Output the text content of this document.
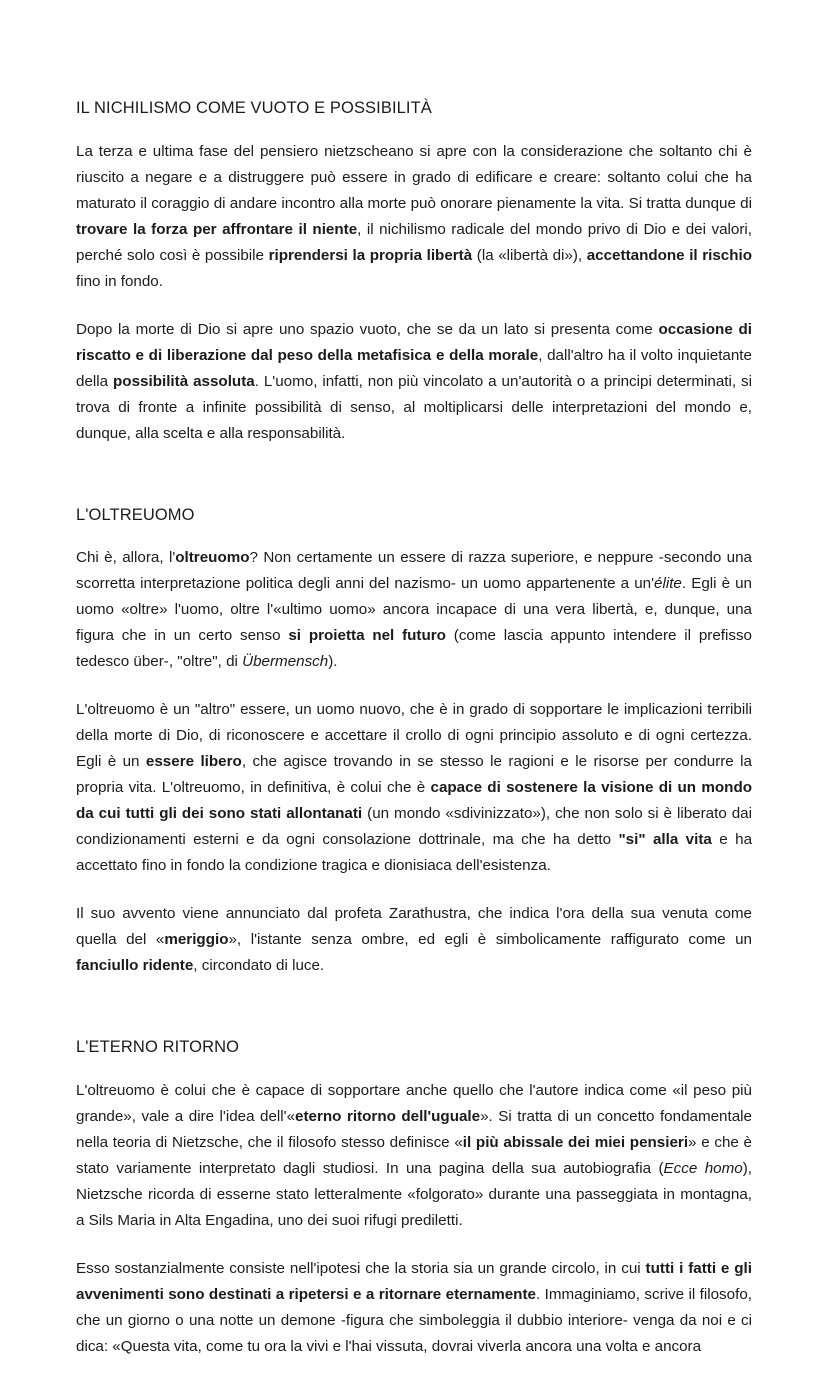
IL NICHILISMO COME VUOTO E POSSIBILITÀ

La terza e ultima fase del pensiero nietzscheano si apre con la considerazione che soltanto chi è riuscito a negare e a distruggere può essere in grado di edificare e creare: soltanto colui che ha maturato il coraggio di andare incontro alla morte può onorare pienamente la vita. Si tratta dunque di trovare la forza per affrontare il niente, il nichilismo radicale del mondo privo di Dio e dei valori, perché solo così è possibile riprendersi la propria libertà (la «libertà di»), accettandone il rischio fino in fondo.

Dopo la morte di Dio si apre uno spazio vuoto, che se da un lato si presenta come occasione di riscatto e di liberazione dal peso della metafisica e della morale, dall'altro ha il volto inquietante della possibilità assoluta. L'uomo, infatti, non più vincolato a un'autorità o a principi determinati, si trova di fronte a infinite possibilità di senso, al moltiplicarsi delle interpretazioni del mondo e, dunque, alla scelta e alla responsabilità.

L'OLTREUOMO

Chi è, allora, l'oltreuomo? Non certamente un essere di razza superiore, e neppure -secondo una scorretta interpretazione politica degli anni del nazismo- un uomo appartenente a un'élite. Egli è un uomo «oltre» l'uomo, oltre l'«ultimo uomo» ancora incapace di una vera libertà, e, dunque, una figura che in un certo senso si proietta nel futuro (come lascia appunto intendere il prefisso tedesco über-, "oltre", di Übermensch).

L'oltreuomo è un "altro" essere, un uomo nuovo, che è in grado di sopportare le implicazioni terribili della morte di Dio, di riconoscere e accettare il crollo di ogni principio assoluto e di ogni certezza. Egli è un essere libero, che agisce trovando in se stesso le ragioni e le risorse per condurre la propria vita. L'oltreuomo, in definitiva, è colui che è capace di sostenere la visione di un mondo da cui tutti gli dei sono stati allontanati (un mondo «sdivinizzato»), che non solo si è liberato dai condizionamenti esterni e da ogni consolazione dottrinale, ma che ha detto "si" alla vita e ha accettato fino in fondo la condizione tragica e dionisiaca dell'esistenza.

Il suo avvento viene annunciato dal profeta Zarathustra, che indica l'ora della sua venuta come quella del «meriggio», l'istante senza ombre, ed egli è simbolicamente raffigurato come un fanciullo ridente, circondato di luce.

L'ETERNO RITORNO

L'oltreuomo è colui che è capace di sopportare anche quello che l'autore indica come «il peso più grande», vale a dire l'idea dell'«eterno ritorno dell'uguale». Si tratta di un concetto fondamentale nella teoria di Nietzsche, che il filosofo stesso definisce «il più abissale dei miei pensieri» e che è stato variamente interpretato dagli studiosi. In una pagina della sua autobiografia (Ecce homo), Nietzsche ricorda di esserne stato letteralmente «folgorato» durante una passeggiata in montagna, a Sils Maria in Alta Engadina, uno dei suoi rifugi prediletti.

Esso sostanzialmente consiste nell'ipotesi che la storia sia un grande circolo, in cui tutti i fatti e gli avvenimenti sono destinati a ripetersi e a ritornare eternamente. Immaginiamo, scrive il filosofo, che un giorno o una notte un demone -figura che simboleggia il dubbio interiore- venga da noi e ci dica: «Questa vita, come tu ora la vivi e l'hai vissuta, dovrai viverla ancora una volta e ancora
